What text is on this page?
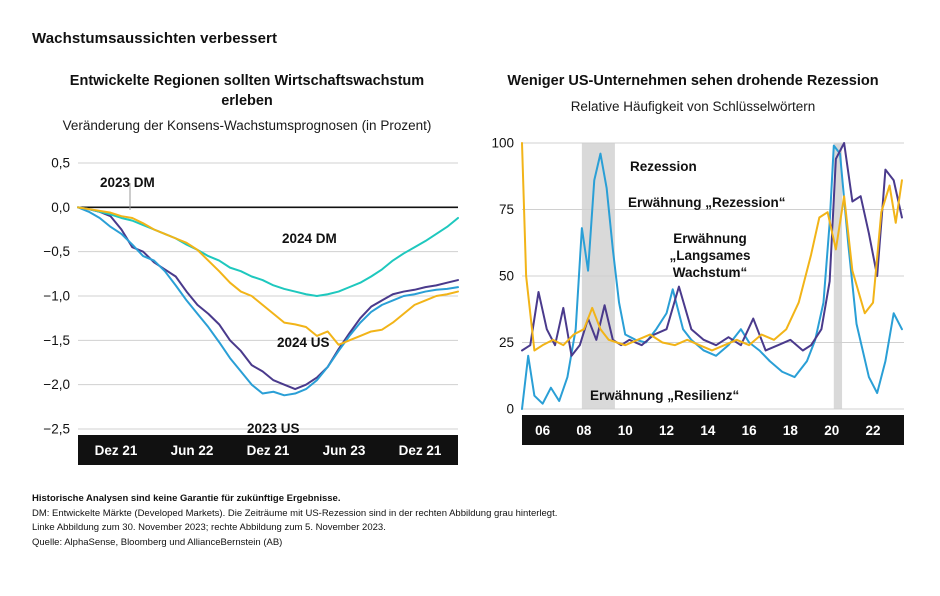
Wachstumsaussichten verbessert
Entwickelte Regionen sollten Wirtschaftswachstum erleben
Veränderung der Konsens-Wachstumsprognosen (in Prozent)
0,5
0,0
−0,5
−1,0
−1,5
−2,0
−2,5
Dez 21 Jun 22 Dez 21 Jun 23 Dez 21
2023 DM
2024 DM
2024 US
2023 US
Weniger US-Unternehmen sehen drohende Rezession
Relative Häufigkeit von Schlüsselwörtern
0
25
50
75
100
06 08 10 12 14 16 18 20 22
Rezession
Erwähnung „Rezession“
Erwähnung „Langsames Wachstum“
Erwähnung „Resilienz“
Historische Analysen sind keine Garantie für zukünftige Ergebnisse.
DM: Entwickelte Märkte (Developed Markets). Die Zeiträume mit US-Rezession sind in der rechten Abbildung grau hinterlegt.
Linke Abbildung zum 30. November 2023; rechte Abbildung zum 5. November 2023.
Quelle: AlphaSense, Bloomberg und AllianceBernstein (AB)
